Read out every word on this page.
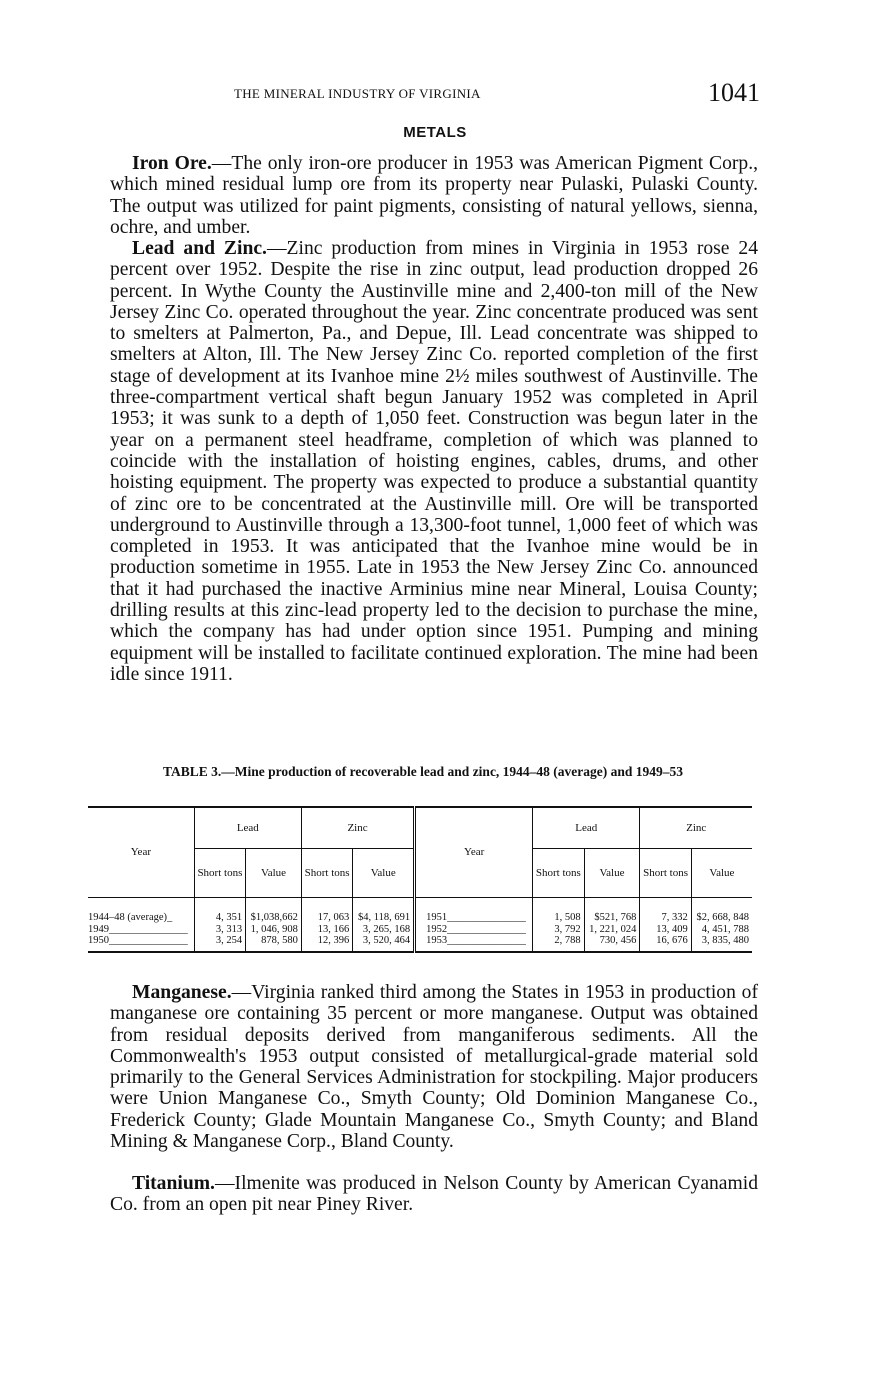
THE MINERAL INDUSTRY OF VIRGINIA	1041
METALS

Iron Ore.—The only iron-ore producer in 1953 was American Pigment Corp., which mined residual lump ore from its property near Pulaski, Pulaski County. The output was utilized for paint pigments, consisting of natural yellows, sienna, ochre, and umber.

Lead and Zinc.—Zinc production from mines in Virginia in 1953 rose 24 percent over 1952. Despite the rise in zinc output, lead production dropped 26 percent. In Wythe County the Austinville mine and 2,400-ton mill of the New Jersey Zinc Co. operated throughout the year. Zinc concentrate produced was sent to smelters at Palmerton, Pa., and Depue, Ill. Lead concentrate was shipped to smelters at Alton, Ill. The New Jersey Zinc Co. reported completion of the first stage of development at its Ivanhoe mine 2½ miles southwest of Austinville. The three-compartment vertical shaft begun January 1952 was completed in April 1953; it was sunk to a depth of 1,050 feet. Construction was begun later in the year on a permanent steel headframe, completion of which was planned to coincide with the installation of hoisting engines, cables, drums, and other hoisting equipment. The property was expected to produce a substantial quantity of zinc ore to be concentrated at the Austinville mill. Ore will be transported underground to Austinville through a 13,300-foot tunnel, 1,000 feet of which was completed in 1953. It was anticipated that the Ivanhoe mine would be in production sometime in 1955. Late in 1953 the New Jersey Zinc Co. announced that it had purchased the inactive Arminius mine near Mineral, Louisa County; drilling results at this zinc-lead property led to the decision to purchase the mine, which the company has had under option since 1951. Pumping and mining equipment will be installed to facilitate continued exploration. The mine had been idle since 1911.

TABLE 3.—Mine production of recoverable lead and zinc, 1944–48 (average) and 1949–53
Year	Lead		Zinc		Year	Lead		Zinc	
	Short tons	Value	Short tons	Value		Short tons	Value	Short tons	Value
1944–48 (average)_	4, 351	$1,038,662	17, 063	$4, 118, 691	1951_______________	1, 508	$521, 768	7, 332	$2, 668, 848
1949_______________	3, 313	1, 046, 908	13, 166	3, 265, 168	1952_______________	3, 792	1, 221, 024	13, 409	4, 451, 788
1950_______________	3, 254	878, 580	12, 396	3, 520, 464	1953_______________	2, 788	730, 456	16, 676	3, 835, 480

Manganese.—Virginia ranked third among the States in 1953 in production of manganese ore containing 35 percent or more manganese. Output was obtained from residual deposits derived from manganiferous sediments. All the Commonwealth's 1953 output consisted of metallurgical-grade material sold primarily to the General Services Administration for stockpiling. Major producers were Union Manganese Co., Smyth County; Old Dominion Manganese Co., Frederick County; Glade Mountain Manganese Co., Smyth County; and Bland Mining & Manganese Corp., Bland County.

Titanium.—Ilmenite was produced in Nelson County by American Cyanamid Co. from an open pit near Piney River.
